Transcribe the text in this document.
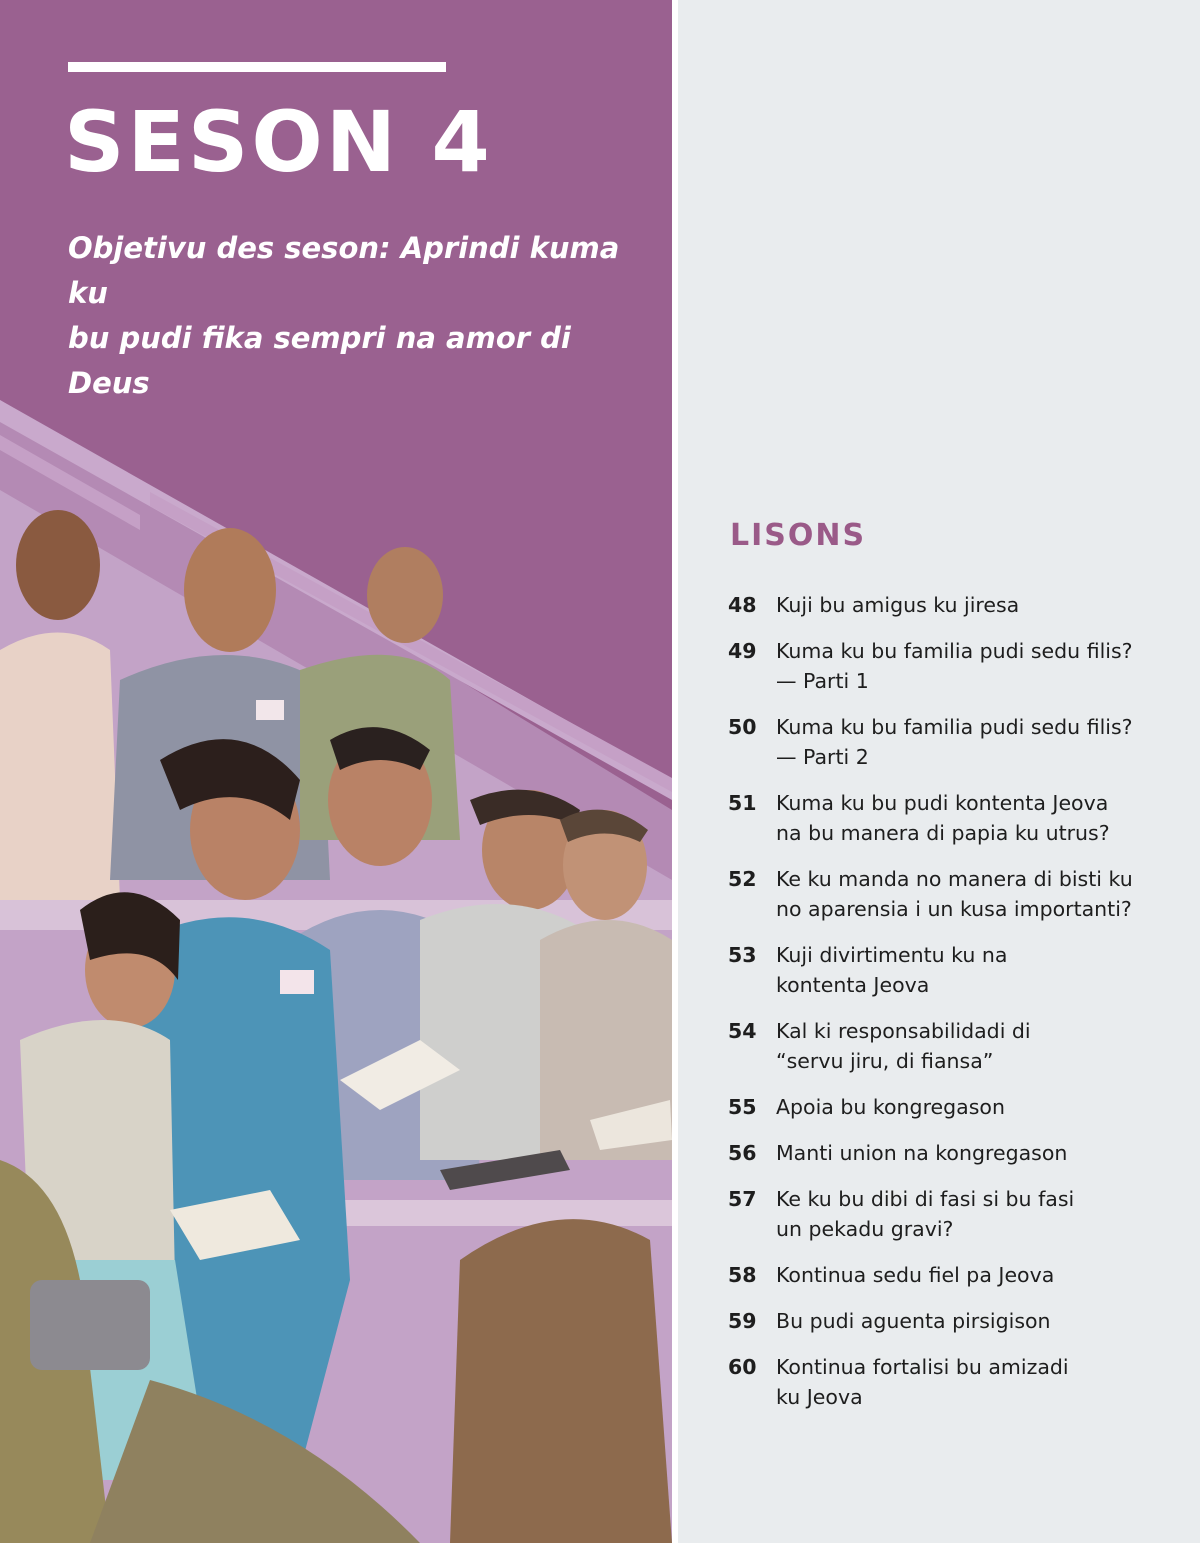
SESON 4

Objetivu des seson: Aprindi kuma ku
bu pudi fika sempri na amor di Deus

LISONS
48 Kuji bu amigus ku jiresa
49 Kuma ku bu familia pudi sedu filis?
— Parti 1
50 Kuma ku bu familia pudi sedu filis?
— Parti 2
51 Kuma ku bu pudi kontenta Jeova
na bu manera di papia ku utrus?
52 Ke ku manda no manera di bisti ku
no aparensia i un kusa importanti?
53 Kuji divirtimentu ku na
kontenta Jeova
54 Kal ki responsabilidadi di
“servu jiru, di fiansa”
55 Apoia bu kongregason
56 Manti union na kongregason
57 Ke ku bu dibi di fasi si bu fasi
un pekadu gravi?
58 Kontinua sedu fiel pa Jeova
59 Bu pudi aguenta pirsigison
60 Kontinua fortalisi bu amizadi
ku Jeova
